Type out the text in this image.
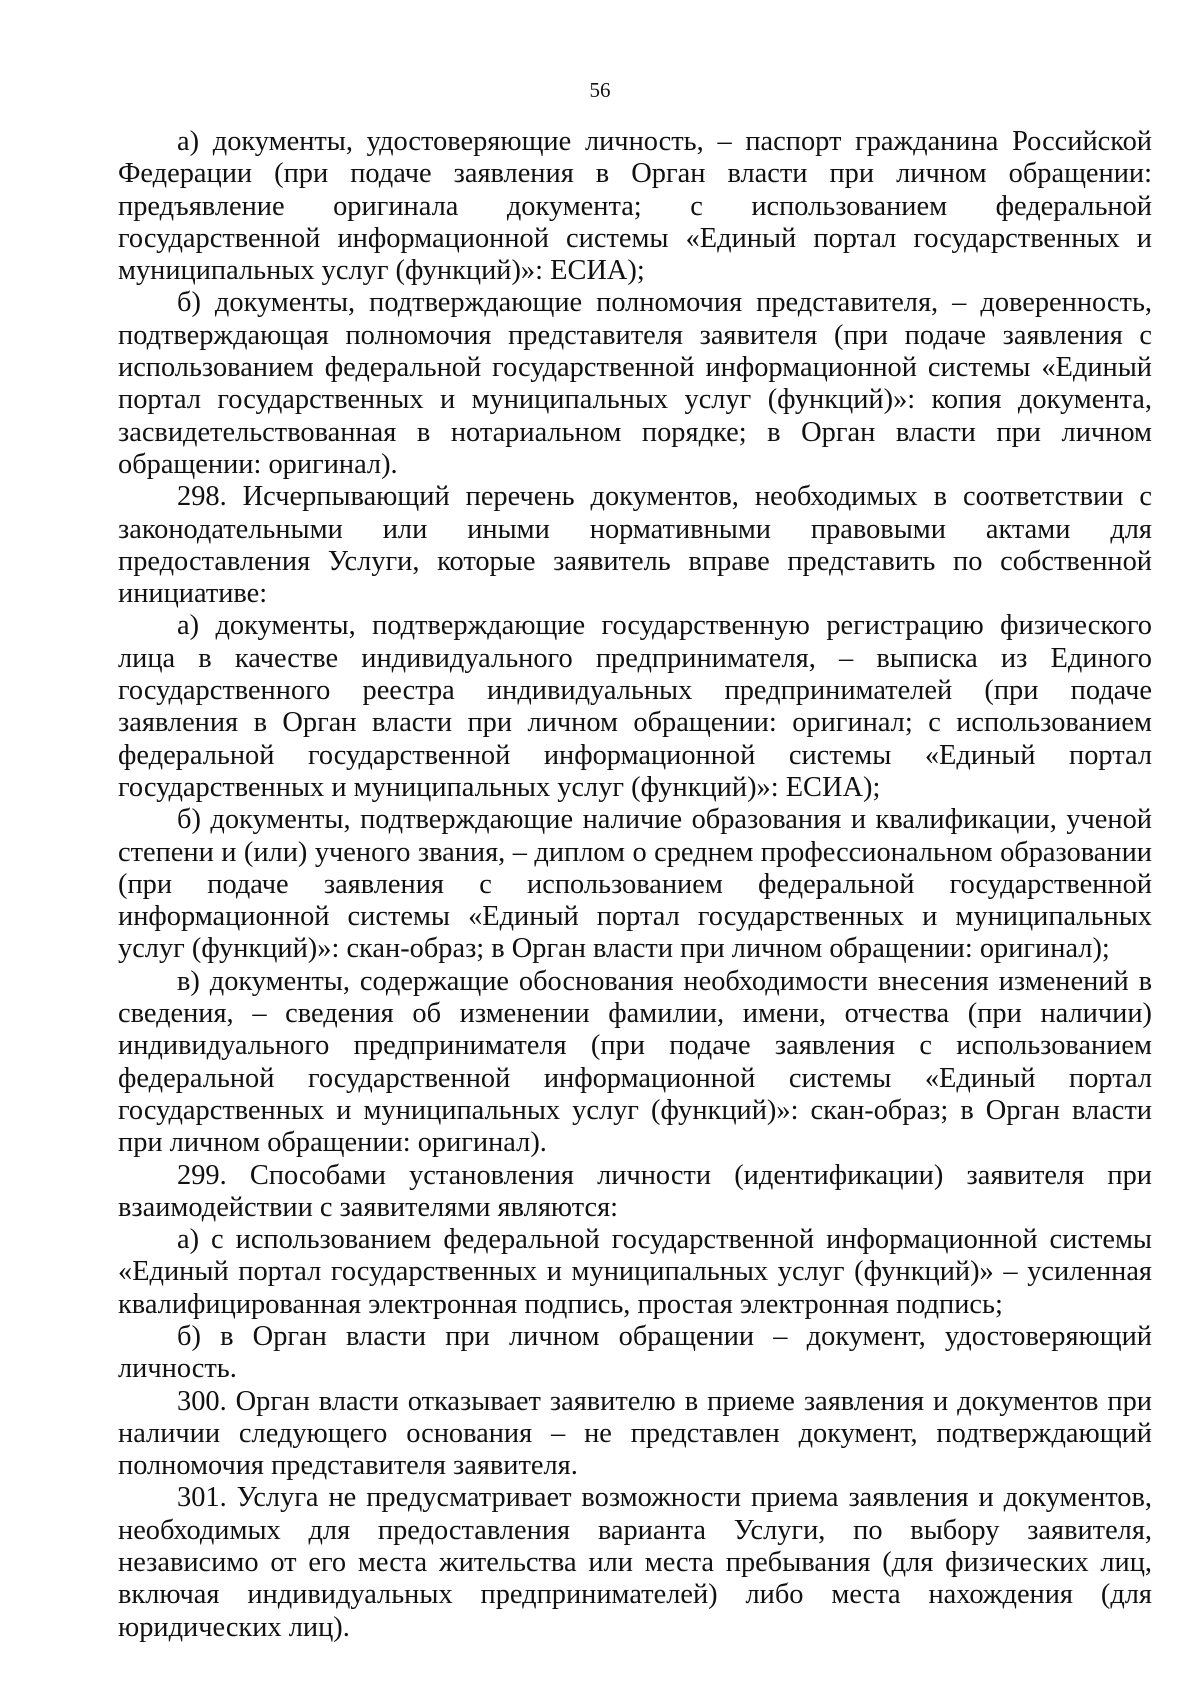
56

а) документы, удостоверяющие личность, – паспорт гражданина Российской Федерации (при подаче заявления в Орган власти при личном обращении: предъявление оригинала документа; с использованием федеральной государственной информационной системы «Единый портал государственных и муниципальных услуг (функций)»: ЕСИА);

б) документы, подтверждающие полномочия представителя, – доверенность, подтверждающая полномочия представителя заявителя (при подаче заявления с использованием федеральной государственной информационной системы «Единый портал государственных и муниципальных услуг (функций)»: копия документа, засвидетельствованная в нотариальном порядке; в Орган власти при личном обращении: оригинал).

298. Исчерпывающий перечень документов, необходимых в соответствии с законодательными или иными нормативными правовыми актами для предоставления Услуги, которые заявитель вправе представить по собственной инициативе:

а) документы, подтверждающие государственную регистрацию физического лица в качестве индивидуального предпринимателя, – выписка из Единого государственного реестра индивидуальных предпринимателей (при подаче заявления в Орган власти при личном обращении: оригинал; с использованием федеральной государственной информационной системы «Единый портал государственных и муниципальных услуг (функций)»: ЕСИА);

б) документы, подтверждающие наличие образования и квалификации, ученой степени и (или) ученого звания, – диплом о среднем профессиональном образовании (при подаче заявления с использованием федеральной государственной информационной системы «Единый портал государственных и муниципальных услуг (функций)»: скан-образ; в Орган власти при личном обращении: оригинал);

в) документы, содержащие обоснования необходимости внесения изменений в сведения, – сведения об изменении фамилии, имени, отчества (при наличии) индивидуального предпринимателя (при подаче заявления с использованием федеральной государственной информационной системы «Единый портал государственных и муниципальных услуг (функций)»: скан-образ; в Орган власти при личном обращении: оригинал).

299. Способами установления личности (идентификации) заявителя при взаимодействии с заявителями являются:

а) с использованием федеральной государственной информационной системы «Единый портал государственных и муниципальных услуг (функций)» – усиленная квалифицированная электронная подпись, простая электронная подпись;

б) в Орган власти при личном обращении – документ, удостоверяющий личность.

300. Орган власти отказывает заявителю в приеме заявления и документов при наличии следующего основания – не представлен документ, подтверждающий полномочия представителя заявителя.

301. Услуга не предусматривает возможности приема заявления и документов, необходимых для предоставления варианта Услуги, по выбору заявителя, независимо от его места жительства или места пребывания (для физических лиц, включая индивидуальных предпринимателей) либо места нахождения (для юридических лиц).
